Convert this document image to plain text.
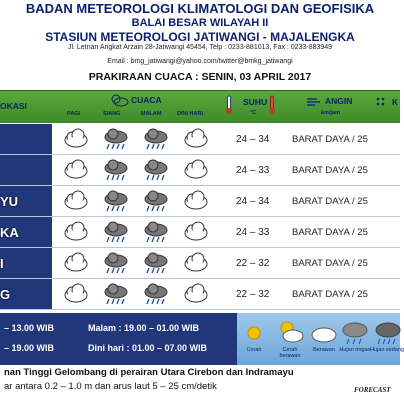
BADAN METEOROLOGI KLIMATOLOGI DAN GEOFISIKA
BALAI BESAR WILAYAH II
STASIUN METEOROLOGI JATIWANGI - MAJALENGKA
Jl. Letnan Angkat Arzain 28-Jatiwangi 45454, Telp : 0233-881013, Fax : 0233-883949
Email : bmg_jatiwangi@yahoo.com/twitter@bmkg_jatiwangi
PRAKIRAAN CUACA : SENIN, 03 APRIL 2017
OKASI
CUACA
PAGI	SIANG	MALAM	DINI HARI
SUHU
°C
ANGIN
km/jam
K
24 – 34 BARAT DAYA / 25
24 – 33 BARAT DAYA / 25
YU	24 – 34 BARAT DAYA / 25
KA	24 – 33 BARAT DAYA / 25
I	22 – 32 BARAT DAYA / 25
G	22 – 32 BARAT DAYA / 25
– 13.00 WIB
– 19.00 WIB
Malam : 19.00 – 01.00 WIB
Dini hari : 01.00 – 07.00 WIB	Cerah	Cerah berawan
Berawan Hujan ringan Hujan sedang
nan Tinggi Gelombang di perairan Utara Cirebon dan Indramayu
ar antara 0.2 – 1.0 m dan arus laut 5 – 25 cm/detik	FORECAST
